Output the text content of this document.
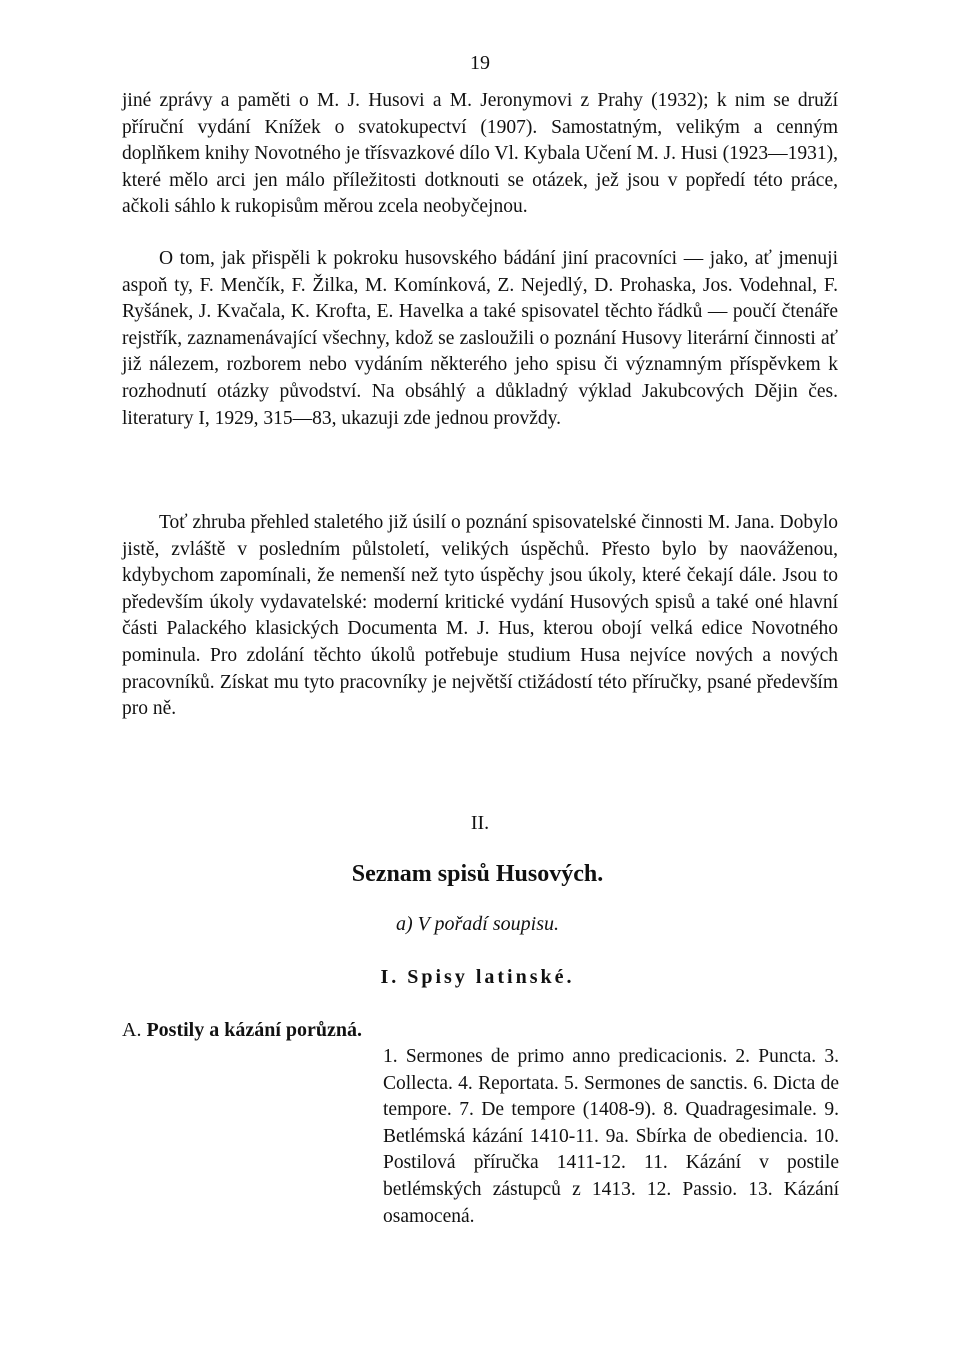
19

jiné zprávy a paměti o M. J. Husovi a M. Jeronymovi z Prahy (1932); k nim se druží příruční vydání Knížek o svatokupectví (1907). Samostatným, velikým a cenným doplňkem knihy Novotného je třísvazkové dílo Vl. Kybala Učení M. J. Husi (1923—1931), které mělo arci jen málo příležitosti dotknouti se otázek, jež jsou v popředí této práce, ačkoli sáhlo k rukopisům měrou zcela neobyčejnou.

O tom, jak přispěli k pokroku husovského bádání jiní pracovníci — jako, ať jmenuji aspoň ty, F. Menčík, F. Žilka, M. Komínková, Z. Nejedlý, D. Prohaska, Jos. Vodehnal, F. Ryšánek, J. Kvačala, K. Krofta, E. Havelka a také spisovatel těchto řádků — poučí čtenáře rejstřík, zaznamenávající všechny, kdož se zasloužili o poznání Husovy literární činnosti ať již nálezem, rozborem nebo vydáním některého jeho spisu či významným příspěvkem k rozhodnutí otázky původství. Na obsáhlý a důkladný výklad Jakubcových Dějin čes. literatury I, 1929, 315—83, ukazuji zde jednou provždy.

Toť zhruba přehled staletého již úsilí o poznání spisovatelské činnosti M. Jana. Dobylo jistě, zvláště v posledním půlstoletí, velikých úspěchů. Přesto bylo by naováženou, kdybychom zapomínali, že nemenší než tyto úspěchy jsou úkoly, které čekají dále. Jsou to především úkoly vydavatelské: moderní kritické vydání Husových spisů a také oné hlavní části Palackého klasických Documenta M. J. Hus, kterou obojí velká edice Novotného pominula. Pro zdolání těchto úkolů potřebuje studium Husa nejvíce nových a nových pracovníků. Získat mu tyto pracovníky je největší ctižádostí této příručky, psané především pro ně.

II.
Seznam spisů Husových.
a) V pořadí soupisu.
I. Spisy latinské.
A. Postily a kázání porůzná.

1. Sermones de primo anno predicacionis. 2. Puncta. 3. Collecta. 4. Reportata. 5. Sermones de sanctis. 6. Dicta de tempore. 7. De tempore (1408-9). 8. Quadragesimale. 9. Betlémská kázání 1410-11. 9a. Sbírka de obediencia. 10. Postilová příručka 1411-12. 11. Kázání v postile betlémských zástupců z 1413. 12. Passio. 13. Kázání osamocená.
